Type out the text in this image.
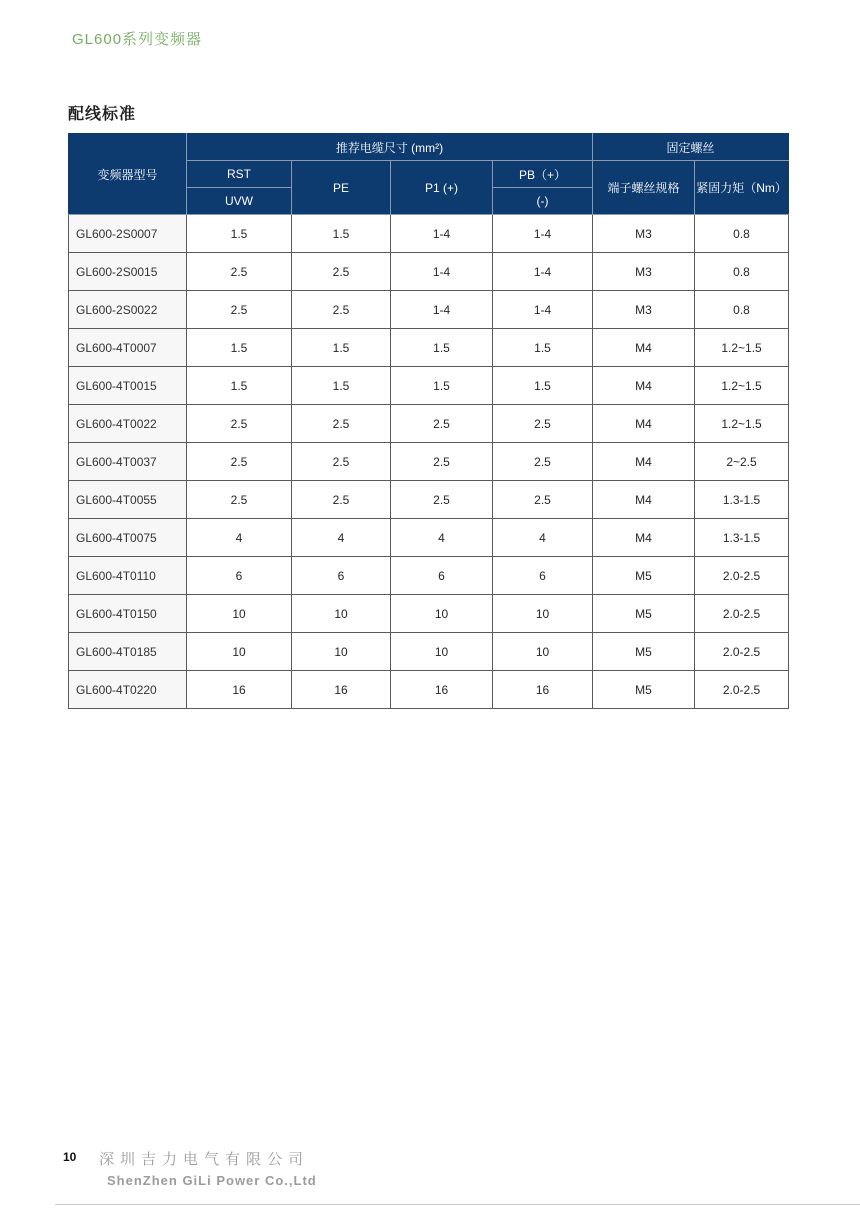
GL600系列变频器
配线标准
变频器型号	推荐电缆尺寸 (mm²)				固定螺丝	
	RST	PE	P1 (+)	PB（+）	端子螺丝规格	紧固力矩（Nm）
	UVW			(-)		
GL600-2S0007	1.5	1.5	1-4	1-4	M3	0.8
GL600-2S0015	2.5	2.5	1-4	1-4	M3	0.8
GL600-2S0022	2.5	2.5	1-4	1-4	M3	0.8
GL600-4T0007	1.5	1.5	1.5	1.5	M4	1.2~1.5
GL600-4T0015	1.5	1.5	1.5	1.5	M4	1.2~1.5
GL600-4T0022	2.5	2.5	2.5	2.5	M4	1.2~1.5
GL600-4T0037	2.5	2.5	2.5	2.5	M4	2~2.5
GL600-4T0055	2.5	2.5	2.5	2.5	M4	1.3-1.5
GL600-4T0075	4	4	4	4	M4	1.3-1.5
GL600-4T0110	6	6	6	6	M5	2.0-2.5
GL600-4T0150	10	10	10	10	M5	2.0-2.5
GL600-4T0185	10	10	10	10	M5	2.0-2.5
GL600-4T0220	16	16	16	16	M5	2.0-2.5
10 深圳吉力电气有限公司
ShenZhen GiLi Power Co.,Ltd
